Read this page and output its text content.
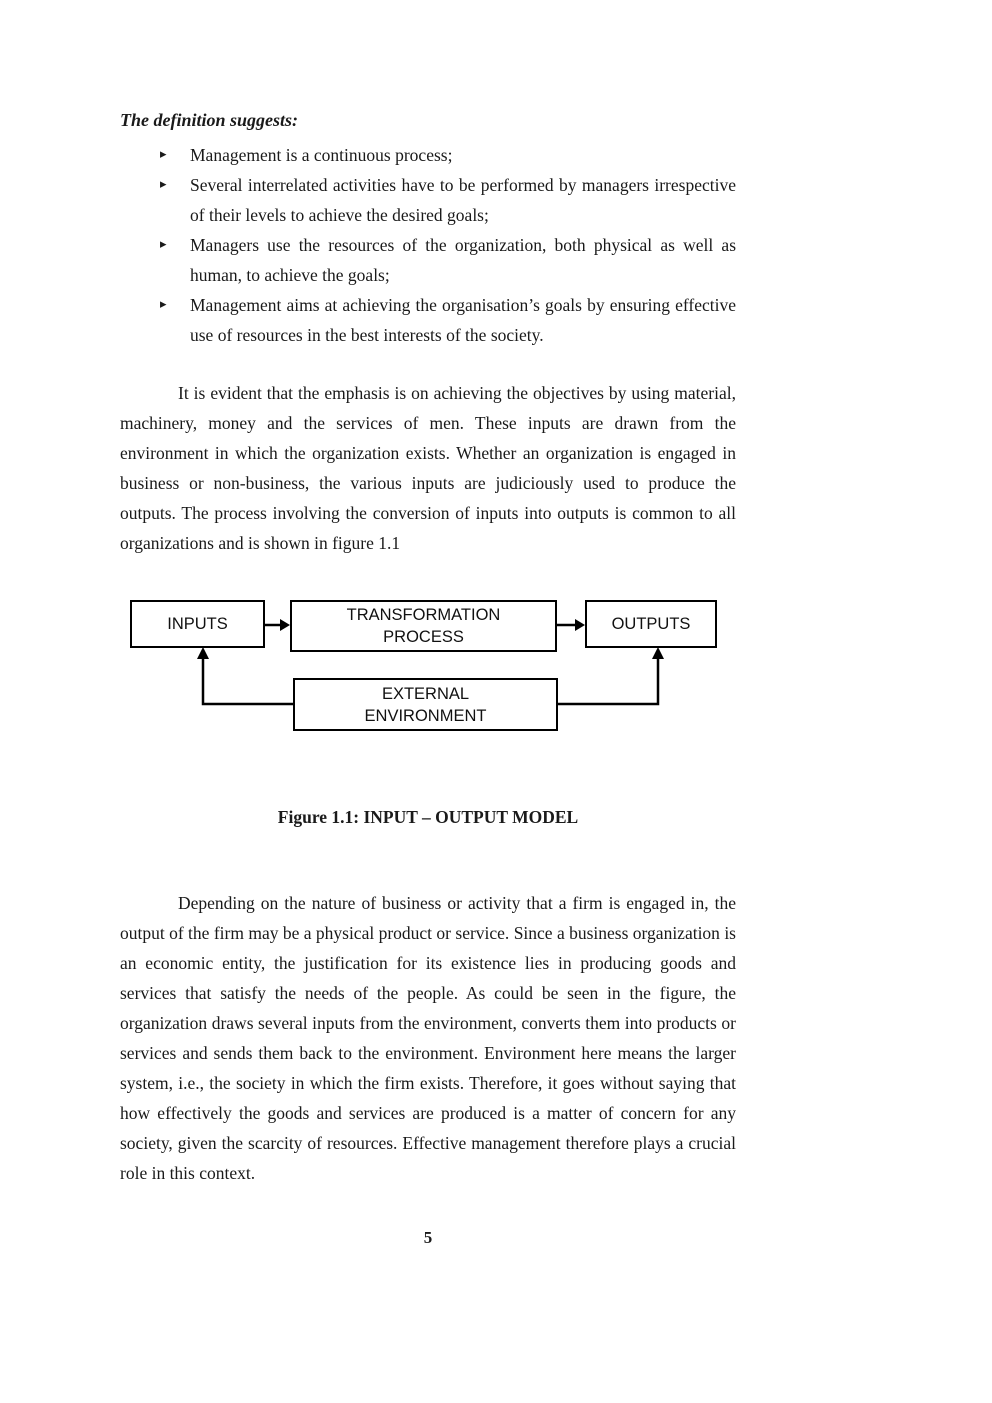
The definition suggests:

▸ Management is a continuous process;
▸ Several interrelated activities have to be performed by managers irrespective of their levels to achieve the desired goals;
▸ Managers use the resources of the organization, both physical as well as human, to achieve the goals;
▸ Management aims at achieving the organisation’s goals by ensuring effective use of resources in the best interests of the society.

It is evident that the emphasis is on achieving the objectives by using material, machinery, money and the services of men. These inputs are drawn from the environment in which the organization exists. Whether an organization is engaged in business or non-business, the various inputs are judiciously used to produce the outputs. The process involving the conversion of inputs into outputs is common to all organizations and is shown in figure 1.1

INPUTS	TRANSFORMATION PROCESS
OUTPUTS
EXTERNAL ENVIRONMENT

Figure 1.1: INPUT – OUTPUT MODEL

Depending on the nature of business or activity that a firm is engaged in, the output of the firm may be a physical product or service. Since a business organization is an economic entity, the justification for its existence lies in producing goods and services that satisfy the needs of the people. As could be seen in the figure, the organization draws several inputs from the environment, converts them into products or services and sends them back to the environment. Environment here means the larger system, i.e., the society in which the firm exists. Therefore, it goes without saying that how effectively the goods and services are produced is a matter of concern for any society, given the scarcity of resources. Effective management therefore plays a crucial role in this context.

5
